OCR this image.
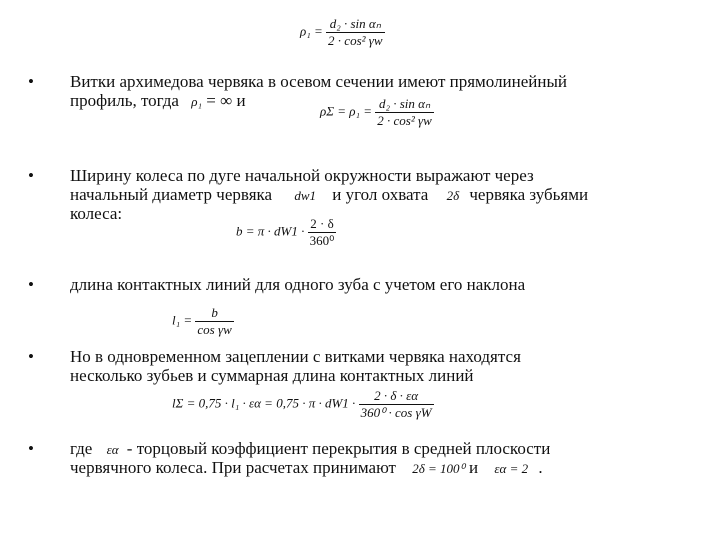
$\rho_1 = \frac{\text{d₂ · sin αₙ}}{\text{2 · cos² γw}}$
• Витки архимедова червяка в осевом сечении имеют прямолинейный
профиль, тогда ρ₁ = ∞ и
$\rho\Sigma = \rho_1 = \frac{\text{d₂ · sin αₙ}}{\text{2 · cos² γw}}$
• Ширину колеса по дуге начальной окружности выражают через
начальный диаметр червяка dw1 и угол охвата 2δ червяка зубьями
колеса:
$b = \pi \cdot dW1 \cdot \frac{2 \cdot \delta}{\text{360⁰}}$
• длина контактных линий для одного зуба с учетом его наклона
$l_1 = \frac{b}{\text{cos γw}}$
• Но в одновременном зацеплении с витками червяка находятся
несколько зубьев и суммарная длина контактных линий
$l\Sigma = 0,75 \cdot l_1 \cdot \varepsilon\alpha = 0,75 \cdot \pi \cdot dW1 \cdot \frac{2 \cdot \delta \cdot \varepsilon\alpha}{\text{360⁰ · cos γW}}$
• где εα - торцовый коэффициент перекрытия в средней плоскости
червячного колеса. При расчетах принимают 2δ = 100⁰ и εα = 2 .
